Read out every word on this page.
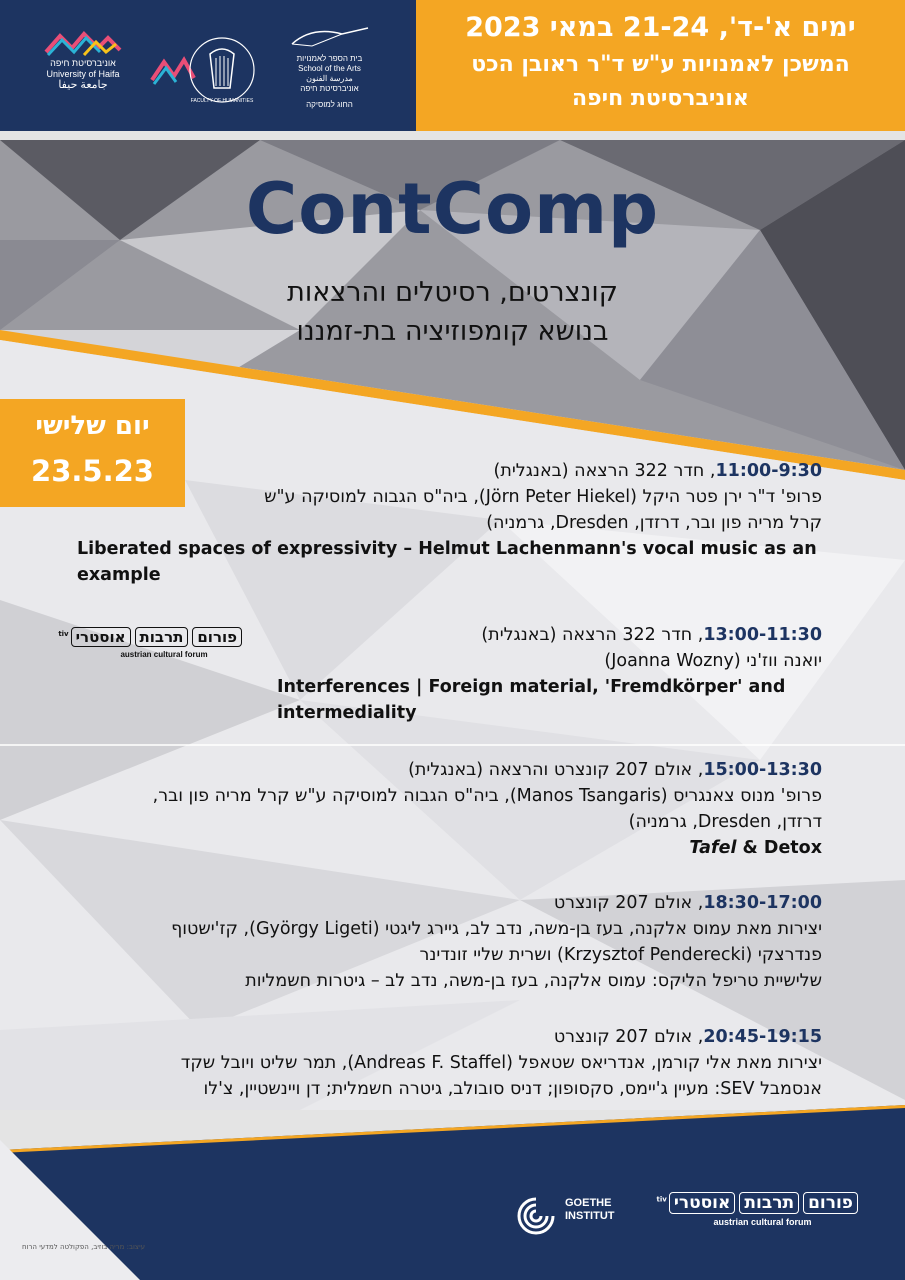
אוניברסיטת חיפה
University of Haifa
جامعة حيفا
FACULTY OF HUMANITIES
בית הספר לאמנויות
School of the Arts
مدرسة الفنون
אוניברסיטת חיפה
החוג למוסיקה
ימים א'-ד', 21-24 במאי 2023
המשכן לאמנויות ע"ש ד"ר ראובן הכט
אוניברסיטת חיפה
ContComp
קונצרטים, רסיטלים והרצאות
בנושא קומפוזיציה בת-זמננו
יום שלישי
23.5.23	11:00-9:30, חדר 322 הרצאה (באנגלית)
פרופ' ד"ר ירן פטר היקל (Jörn Peter Hiekel), ביה"ס הגבוה למוסיקה ע"ש
קרל מריה פון ובר, דרזדן, Dresden, גרמניה)
Liberated spaces of expressivity – Helmut Lachenmann's vocal music as an example
פורוםתרבותאוסטרי$^{tiv}$
austrian cultural forum
13:00-11:30, חדר 322 הרצאה (באנגלית)
יואנה ווז'ני (Joanna Wozny)
Interferences | Foreign material, 'Fremdkörper' and intermediality
15:00-13:30, אולם 207 קונצרט והרצאה (באנגלית)
פרופ' מנוס צאנגריס (Manos Tsangaris), ביה"ס הגבוה למוסיקה ע"ש קרל מריה פון ובר,
דרזדן, Dresden, גרמניה)
Tafel & Detox
18:30-17:00, אולם 207 קונצרט
יצירות מאת עמוס אלקנה, בעז בן-משה, נדב לב, גיירג ליגטי (György Ligeti), קז'ישטוף
פנדרצקי (Krzysztof Penderecki) ושרית שליי זונדינר
שלישיית טריפל הליקס: עמוס אלקנה, בעז בן-משה, נדב לב – גיטרות חשמליות
20:45-19:15, אולם 207 קונצרט
יצירות מאת אלי קורמן, אנדריאס שטאפל (Andreas F. Staffel), תמר שליט ויובל שקד
אנסמבל SEV: מעיין ג'יימס, סקסופון; דניס סובולב, גיטרה חשמלית; דן ויינשטיין, צ'לו
GOETHE
INSTITUT
פורוםתרבותאוסטרי$^{tiv}$
austrian cultural forum
עיצוב: מריה בוזיב, הפקולטה למדעי הרוח
